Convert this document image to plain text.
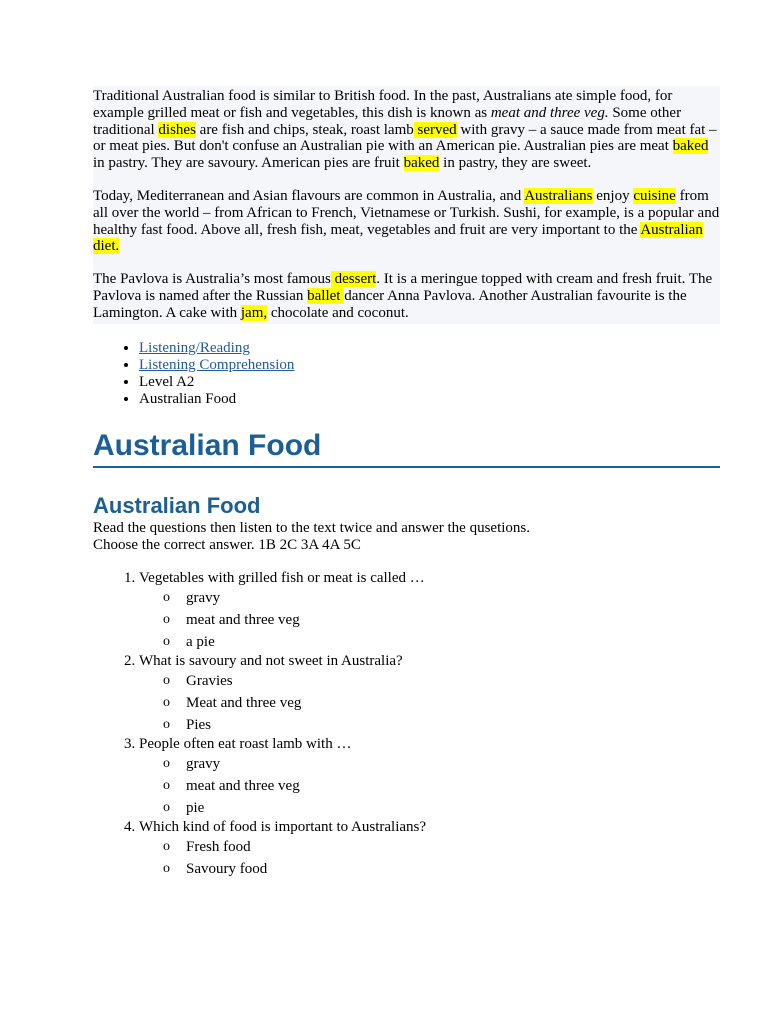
Traditional Australian food is similar to British food. In the past, Australians ate simple food, for example grilled meat or fish and vegetables, this dish is known as meat and three veg. Some other traditional dishes are fish and chips, steak, roast lamb served with gravy – a sauce made from meat fat – or meat pies. But don't confuse an Australian pie with an American pie. Australian pies are meat baked in pastry. They are savoury. American pies are fruit baked in pastry, they are sweet.

Today, Mediterranean and Asian flavours are common in Australia, and Australians enjoy cuisine from all over the world – from African to French, Vietnamese or Turkish. Sushi, for example, is a popular and healthy fast food. Above all, fresh fish, meat, vegetables and fruit are very important to the Australian diet.

The Pavlova is Australia’s most famous dessert. It is a meringue topped with cream and fresh fruit. The Pavlova is named after the Russian ballet dancer Anna Pavlova. Another Australian favourite is the Lamington. A cake with jam, chocolate and coconut.

• Listening/Reading
• Listening Comprehension
• Level A2
• Australian Food
Australian Food
Australian Food

Read the questions then listen to the text twice and answer the qusetions.

Choose the correct answer. 1B 2C 3A 4A 5C

1. Vegetables with grilled fish or meat is called …
o gravy
o meat and three veg
o a pie
2. What is savoury and not sweet in Australia?
o Gravies
o Meat and three veg
o Pies
3. People often eat roast lamb with …
o gravy
o meat and three veg
o pie
4. Which kind of food is important to Australians?
o Fresh food
o Savoury food
